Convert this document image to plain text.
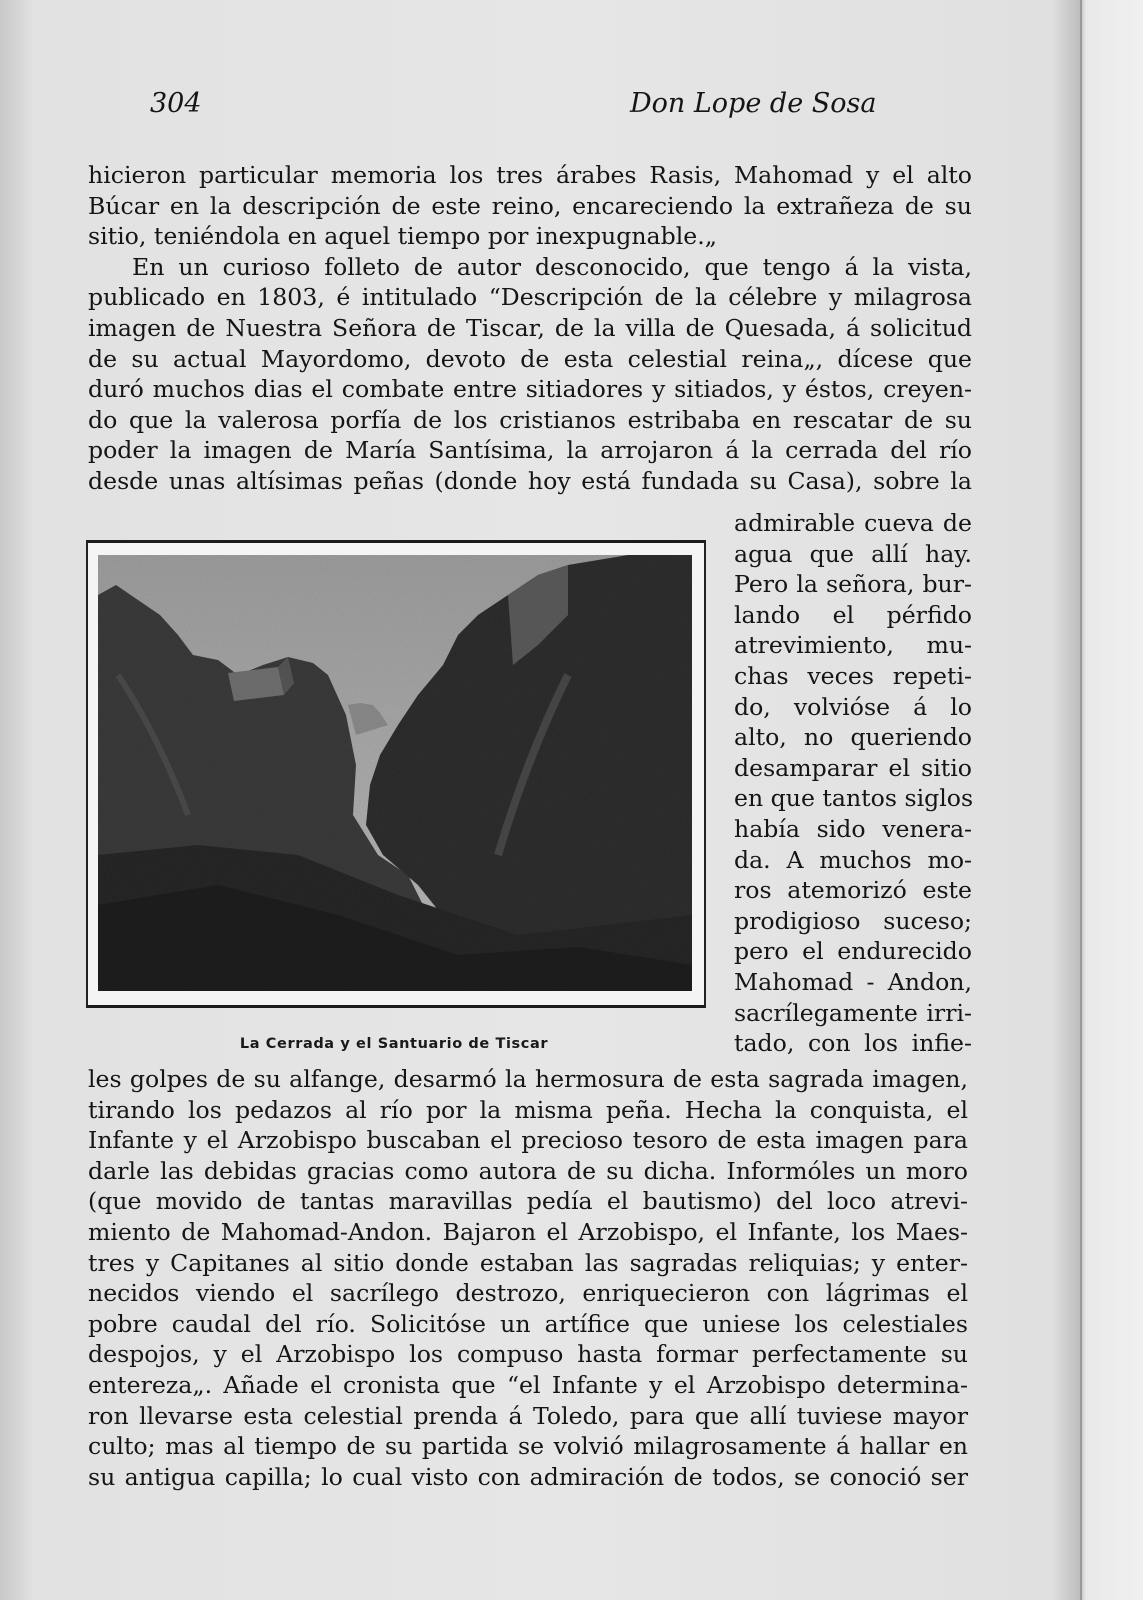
304	Don Lope de Sosa
hicieron particular memoria los tres árabes Rasis, Mahomad y el alto
Búcar en la descripción de este reino, encareciendo la extrañeza de su
sitio, teniéndola en aquel tiempo por inexpugnable.„
En un curioso folleto de autor desconocido, que tengo á la vista,
publicado en 1803, é intitulado “Descripción de la célebre y milagrosa
imagen de Nuestra Señora de Tiscar, de la villa de Quesada, á solicitud
de su actual Mayordomo, devoto de esta celestial reina„, dícese que
duró muchos dias el combate entre sitiadores y sitiados, y éstos, creyen-
do que la valerosa porfía de los cristianos estribaba en rescatar de su
poder la imagen de María Santísima, la arrojaron á la cerrada del río
desde unas altísimas peñas (donde hoy está fundada su Casa), sobre la
admirable cueva de
agua que allí hay.
Pero la señora, bur-
lando el pérfido
atrevimiento, mu-
chas veces repeti-
do, volvióse á lo
alto, no queriendo
desamparar el sitio
en que tantos siglos
había sido venera-
da. A muchos mo-
ros atemorizó este
prodigioso suceso;
pero el endurecido
Mahomad - Andon,
sacrílegamente irri-
tado, con los infie-
La Cerrada y el Santuario de Tiscar
les golpes de su alfange, desarmó la hermosura de esta sagrada imagen,
tirando los pedazos al río por la misma peña. Hecha la conquista, el
Infante y el Arzobispo buscaban el precioso tesoro de esta imagen para
darle las debidas gracias como autora de su dicha. Informóles un moro
(que movido de tantas maravillas pedía el bautismo) del loco atrevi-
miento de Mahomad-Andon. Bajaron el Arzobispo, el Infante, los Maes-
tres y Capitanes al sitio donde estaban las sagradas reliquias; y enter-
necidos viendo el sacrílego destrozo, enriquecieron con lágrimas el
pobre caudal del río. Solicitóse un artífice que uniese los celestiales
despojos, y el Arzobispo los compuso hasta formar perfectamente su
entereza„. Añade el cronista que “el Infante y el Arzobispo determina-
ron llevarse esta celestial prenda á Toledo, para que allí tuviese mayor
culto; mas al tiempo de su partida se volvió milagrosamente á hallar en
su antigua capilla; lo cual visto con admiración de todos, se conoció ser
